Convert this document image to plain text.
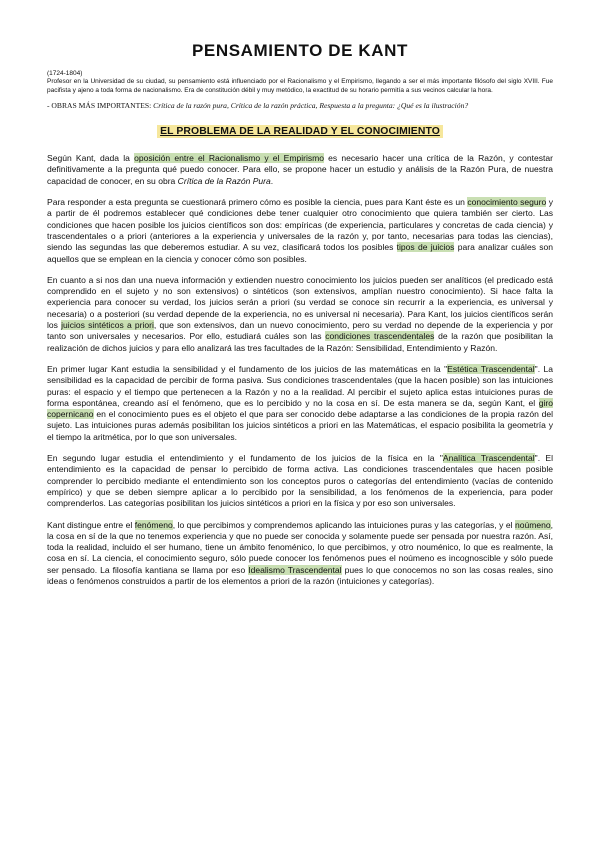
PENSAMIENTO DE KANT
(1724-1804)

Profesor en la Universidad de su ciudad, su pensamiento está influenciado por el Racionalismo y el Empirismo, llegando a ser el más importante filósofo del siglo XVIII. Fue pacifista y ajeno a toda forma de nacionalismo. Era de constitución débil y muy metódico, la exactitud de su horario permitía a sus vecinos calcular la hora.

- OBRAS MÁS IMPORTANTES: Crítica de la razón pura, Crítica de la razón práctica, Respuesta a la pregunta: ¿Qué es la ilustración?
EL PROBLEMA DE LA REALIDAD Y EL CONOCIMIENTO

Según Kant, dada la oposición entre el Racionalismo y el Empirismo es necesario hacer una crítica de la Razón, y contestar definitivamente a la pregunta qué puedo conocer. Para ello, se propone hacer un estudio y análisis de la Razón Pura, de nuestra capacidad de conocer, en su obra Crítica de la Razón Pura.

Para responder a esta pregunta se cuestionará primero cómo es posible la ciencia, pues para Kant éste es un conocimiento seguro y a partir de él podremos establecer qué condiciones debe tener cualquier otro conocimiento que quiera también ser cierto. Las condiciones que hacen posible los juicios científicos son dos: empíricas (de experiencia, particulares y concretas de cada ciencia) y trascendentales o a priori (anteriores a la experiencia y universales de la razón y, por tanto, necesarias para todas las ciencias), siendo las segundas las que deberemos estudiar. A su vez, clasificará todos los posibles tipos de juicios para analizar cuáles son aquellos que se emplean en la ciencia y conocer cómo son posibles.

En cuanto a si nos dan una nueva información y extienden nuestro conocimiento los juicios pueden ser analíticos (el predicado está comprendido en el sujeto y no son extensivos) o sintéticos (son extensivos, amplían nuestro conocimiento). Si hace falta la experiencia para conocer su verdad, los juicios serán a priori (su verdad se conoce sin recurrir a la experiencia, es universal y necesaria) o a posteriori (su verdad depende de la experiencia, no es universal ni necesaria). Para Kant, los juicios científicos serán los juicios sintéticos a priori, que son extensivos, dan un nuevo conocimiento, pero su verdad no depende de la experiencia y por tanto son universales y necesarios. Por ello, estudiará cuáles son las condiciones trascendentales de la razón que posibilitan la realización de dichos juicios y para ello analizará las tres facultades de la Razón: Sensibilidad, Entendimiento y Razón.

En primer lugar Kant estudia la sensibilidad y el fundamento de los juicios de las matemáticas en la "Estética Trascendental". La sensibilidad es la capacidad de percibir de forma pasiva. Sus condiciones trascendentales (que la hacen posible) son las intuiciones puras: el espacio y el tiempo que pertenecen a la Razón y no a la realidad. Al percibir el sujeto aplica estas intuiciones puras de forma espontánea, creando así el fenómeno, que es lo percibido y no la cosa en sí. De esta manera se da, según Kant, el giro copernicano en el conocimiento pues es el objeto el que para ser conocido debe adaptarse a las condiciones de la propia razón del sujeto. Las intuiciones puras además posibilitan los juicios sintéticos a priori en las Matemáticas, el espacio posibilita la geometría y el tiempo la aritmética, por lo que son universales.

En segundo lugar estudia el entendimiento y el fundamento de los juicios de la física en la "Analítica Trascendental". El entendimiento es la capacidad de pensar lo percibido de forma activa. Las condiciones trascendentales que hacen posible comprender lo percibido mediante el entendimiento son los conceptos puros o categorías del entendimiento (vacías de contenido empírico) y que se deben siempre aplicar a lo percibido por la sensibilidad, a los fenómenos de la experiencia, para poder comprenderlos. Las categorías posibilitan los juicios sintéticos a priori en la física y por eso son universales.

Kant distingue entre el fenómeno, lo que percibimos y comprendemos aplicando las intuiciones puras y las categorías, y el noúmeno, la cosa en sí de la que no tenemos experiencia y que no puede ser conocida y solamente puede ser pensada por nuestra razón. Así, toda la realidad, incluido el ser humano, tiene un ámbito fenoménico, lo que percibimos, y otro nouménico, lo que es realmente, la cosa en sí. La ciencia, el conocimiento seguro, sólo puede conocer los fenómenos pues el noúmeno es incognoscible y sólo puede ser pensado. La filosofía kantiana se llama por eso Idealismo Trascendental pues lo que conocemos no son las cosas reales, sino ideas o fenómenos construidos a partir de los elementos a priori de la razón (intuiciones y categorías).
